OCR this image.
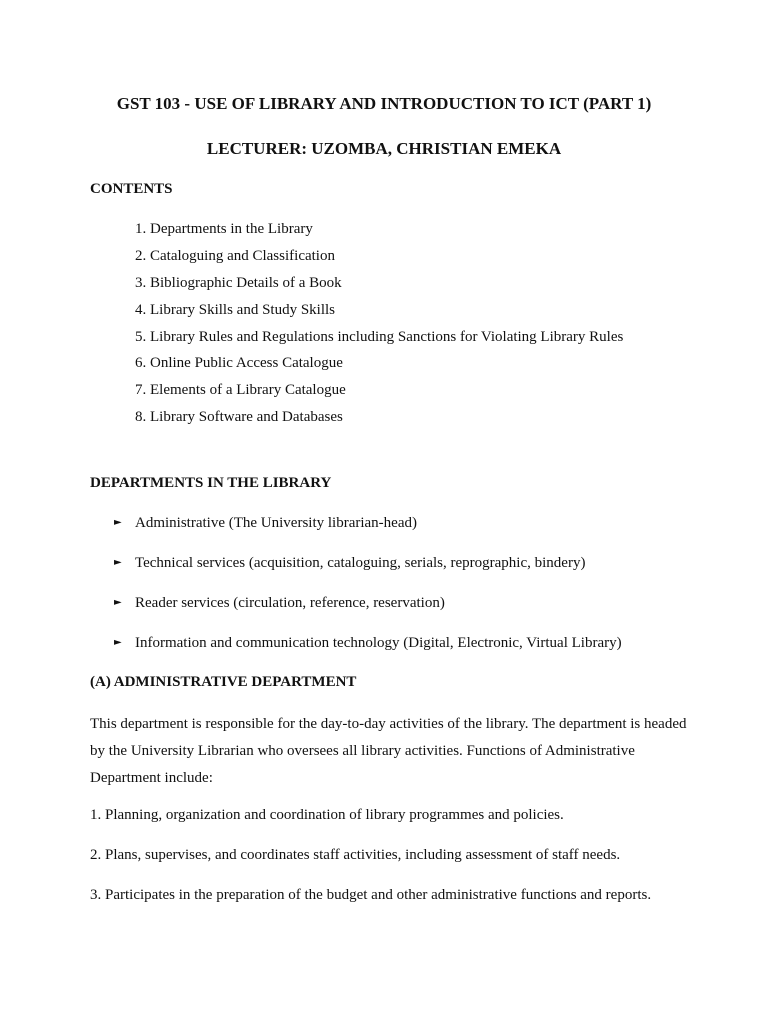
GST 103 - USE OF LIBRARY AND INTRODUCTION TO ICT (PART 1)
LECTURER: UZOMBA, CHRISTIAN EMEKA
CONTENTS
1. Departments in the Library
2. Cataloguing and Classification
3. Bibliographic Details of a Book
4. Library Skills and Study Skills
5. Library Rules and Regulations including Sanctions for Violating Library Rules
6. Online Public Access Catalogue
7. Elements of a Library Catalogue
8. Library Software and Databases
DEPARTMENTS IN THE LIBRARY
► Administrative (The University librarian-head)
► Technical services (acquisition, cataloguing, serials, reprographic, bindery)
► Reader services (circulation, reference, reservation)
► Information and communication technology (Digital, Electronic, Virtual Library)
(A) ADMINISTRATIVE DEPARTMENT

This department is responsible for the day-to-day activities of the library. The department is headed by the University Librarian who oversees all library activities. Functions of Administrative Department include:

1. Planning, organization and coordination of library programmes and policies.
2. Plans, supervises, and coordinates staff activities, including assessment of staff needs.
3. Participates in the preparation of the budget and other administrative functions and reports.
